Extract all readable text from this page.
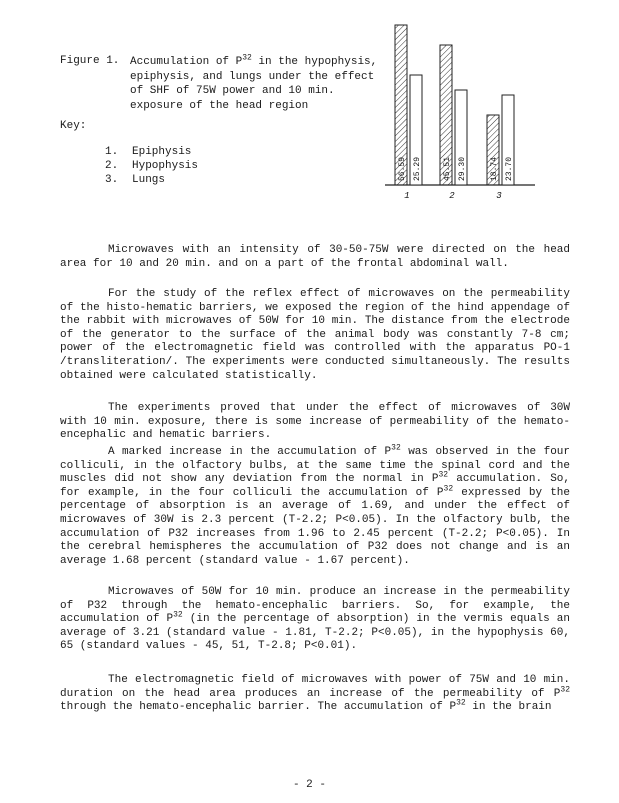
Figure 1. Accumulation of $P^{32}$ in the hypophysis, epiphysis, and lungs under the effect of SHF of 75W power and 10 min. exposure of the head region
Key:
1.	Epiphysis
2.	Hypophysis
3.	Lungs	56.59 25.29
1
45.51 29.30
2
18.74 23.70
3

Microwaves with an intensity of 30-50-75W were directed on the head area for 10 and 20 min. and on a part of the frontal abdominal wall.

For the study of the reflex effect of microwaves on the permeability of the histo-hematic barriers, we exposed the region of the hind appendage of the rabbit with microwaves of 50W for 10 min. The distance from the electrode of the generator to the surface of the animal body was constantly 7-8 cm; power of the electromagnetic field was controlled with the apparatus PO-1 /transliteration/. The experiments were conducted simultaneously. The results obtained were calculated statistically.

The experiments proved that under the effect of microwaves of 30W with 10 min. exposure, there is some increase of permeability of the hemato-encephalic and hematic barriers.

A marked increase in the accumulation of $P^{32}$ was observed in the four colliculi, in the olfactory bulbs, at the same time the spinal cord and the muscles did not show any deviation from the normal in $P^{32}$ accumulation. So, for example, in the four colliculi the accumulation of $P^{32}$ expressed by the percentage of absorption is an average of 1.69, and under the effect of microwaves of 30W is 2.3 percent (T-2.2; P<0.05). In the olfactory bulb, the accumulation of P32 increases from 1.96 to 2.45 percent (T-2.2; P<0.05). In the cerebral hemispheres the accumulation of P32 does not change and is an average 1.68 percent (standard value - 1.67 percent).

Microwaves of 50W for 10 min. produce an increase in the permeability of P32 through the hemato-encephalic barriers. So, for example, the accumulation of $P^{32}$ (in the percentage of absorption) in the vermis equals an average of 3.21 (standard value - 1.81, T-2.2; P<0.05), in the hypophysis 60, 65 (standard values - 45, 51, T-2.8; P<0.01).

The electromagnetic field of microwaves with power of 75W and 10 min. duration on the head area produces an increase of the permeability of $P^{32}$ through the hemato-encephalic barrier. The accumulation of $P^{32}$ in the brain

- 2 -
